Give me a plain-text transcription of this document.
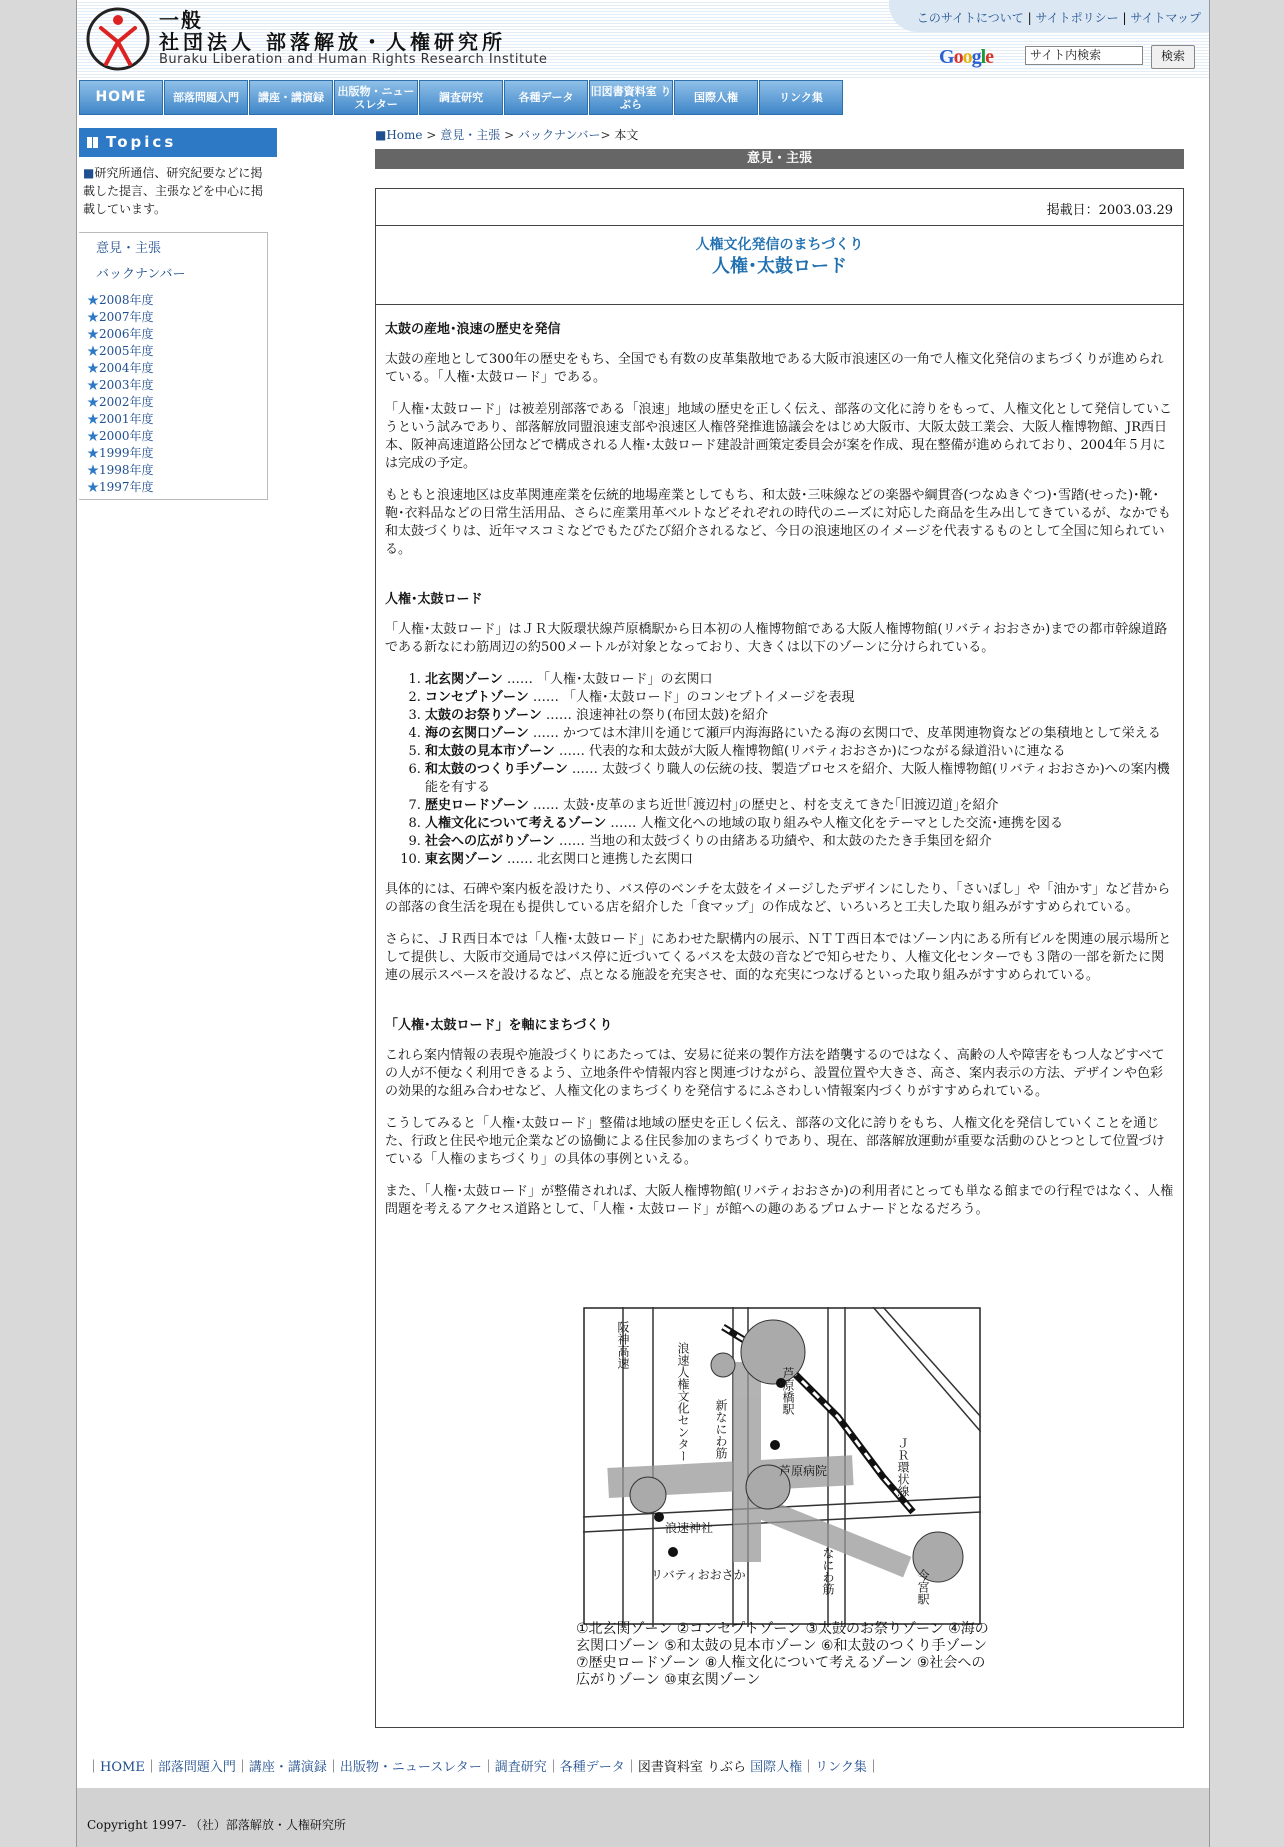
一般
社団法人 部落解放・人権研究所
Buraku Liberation and Human Rights Research Institute
このサイトについて | サイトポリシー | サイトマップ
Google	サイト内検索	検索
HOME	部落問題入門	講座・講演録	出版物・ニュースレター	調査研究	各種データ	旧図書資料室 りぶら	国際人権	リンク集
Topics
■研究所通信、研究紀要などに掲載した提言、主張などを中心に掲載しています。
意見・主張
バックナンバー
★2008年度
★2007年度
★2006年度
★2005年度
★2004年度
★2003年度
★2002年度
★2001年度
★2000年度
★1999年度
★1998年度
★1997年度
■Home > 意見・主張 > バックナンバー> 本文
意見・主張
掲載日：2003.03.29
人権文化発信のまちづくり
人権･太鼓ロード
太鼓の産地･浪速の歴史を発信

太鼓の産地として300年の歴史をもち、全国でも有数の皮革集散地である大阪市浪速区の一角で人権文化発信のまちづくりが進められている。「人権･太鼓ロード」である。

「人権･太鼓ロード」は被差別部落である「浪速」地域の歴史を正しく伝え、部落の文化に誇りをもって、人権文化として発信していこうという試みであり、部落解放同盟浪速支部や浪速区人権啓発推進協議会をはじめ大阪市、大阪太鼓工業会、大阪人権博物館、JR西日本、阪神高速道路公団などで構成される人権･太鼓ロード建設計画策定委員会が案を作成、現在整備が進められており、2004年５月には完成の予定。

もともと浪速地区は皮革関連産業を伝統的地場産業としてもち、和太鼓･三味線などの楽器や綱貫沓(つなぬきぐつ)･雪踏(せった)･靴･鞄･衣料品などの日常生活用品、さらに産業用革ベルトなどそれぞれの時代のニーズに対応した商品を生み出してきているが、なかでも和太鼓づくりは、近年マスコミなどでもたびたび紹介されるなど、今日の浪速地区のイメージを代表するものとして全国に知られている。

人権･太鼓ロード

「人権･太鼓ロード」はＪＲ大阪環状線芦原橋駅から日本初の人権博物館である大阪人権博物館(リバティおおさか)までの都市幹線道路である新なにわ筋周辺の約500メートルが対象となっており、大きくは以下のゾーンに分けられている。

1. 北玄関ゾーン …… 「人権･太鼓ロード」の玄関口
2. コンセプトゾーン …… 「人権･太鼓ロード」のコンセプトイメージを表現
3. 太鼓のお祭りゾーン …… 浪速神社の祭り(布団太鼓)を紹介
4. 海の玄関口ゾーン …… かつては木津川を通じて瀬戸内海海路にいたる海の玄関口で、皮革関連物資などの集積地として栄える
5. 和太鼓の見本市ゾーン …… 代表的な和太鼓が大阪人権博物館(リバティおおさか)につながる緑道沿いに連なる
6. 和太鼓のつくり手ゾーン …… 太鼓づくり職人の伝統の技、製造プロセスを紹介、大阪人権博物館(リバティおおさか)への案内機能を有する
7. 歴史ロードゾーン …… 太鼓･皮革のまち近世｢渡辺村｣の歴史と、村を支えてきた｢旧渡辺道｣を紹介
8. 人権文化について考えるゾーン …… 人権文化への地域の取り組みや人権文化をテーマとした交流･連携を図る
9. 社会への広がりゾーン …… 当地の和太鼓づくりの由緒ある功績や、和太鼓のたたき手集団を紹介
10. 東玄関ゾーン …… 北玄関口と連携した玄関口

具体的には、石碑や案内板を設けたり、バス停のベンチを太鼓をイメージしたデザインにしたり、「さいぼし」や「油かす」など昔からの部落の食生活を現在も提供している店を紹介した「食マップ」の作成など、いろいろと工夫した取り組みがすすめられている。

さらに、ＪＲ西日本では「人権･太鼓ロード」にあわせた駅構内の展示、ＮＴＴ西日本ではゾーン内にある所有ビルを関連の展示場所として提供し、大阪市交通局ではバス停に近づいてくるバスを太鼓の音などで知らせたり、人権文化センターでも３階の一部を新たに関連の展示スペースを設けるなど、点となる施設を充実させ、面的な充実につなげるといった取り組みがすすめられている。

「人権･太鼓ロード」を軸にまちづくり

これら案内情報の表現や施設づくりにあたっては、安易に従来の製作方法を踏襲するのではなく、高齢の人や障害をもつ人などすべての人が不便なく利用できるよう、立地条件や情報内容と関連づけながら、設置位置や大きさ、高さ、案内表示の方法、デザインや色彩の効果的な組み合わせなど、人権文化のまちづくりを発信するにふさわしい情報案内づくりがすすめられている。

こうしてみると「人権･太鼓ロード」整備は地域の歴史を正しく伝え、部落の文化に誇りをもち、人権文化を発信していくことを通じた、行政と住民や地元企業などの協働による住民参加のまちづくりであり、現在、部落解放運動が重要な活動のひとつとして位置づけている「人権のまちづくり」の具体の事例といえる。

また、「人権･太鼓ロード」が整備されれば、大阪人権博物館(リバティおおさか)の利用者にとっても単なる館までの行程ではなく、人権問題を考えるアクセス道路として、「人権・太鼓ロード」が館への趣のあるプロムナードとなるだろう。

阪神高速	浪速人権文化センター 新なにわ筋
芦原橋駅
ＪＲ環状線
芦原病院
浪速神社
リバティおおさか	なにわ筋	今宮駅
①北玄関ゾーン ②コンセプトゾーン ③太鼓のお祭りゾーン ④海の玄関口ゾーン ⑤和太鼓の見本市ゾーン ⑥和太鼓のつくり手ゾーン ⑦歴史ロードゾーン ⑧人権文化について考えるゾーン ⑨社会への広がりゾーン ⑩東玄関ゾーン
｜HOME｜部落問題入門｜講座・講演録｜出版物・ニュースレター｜調査研究｜各種データ｜図書資料室 りぶら 国際人権｜リンク集｜
Copyright 1997- （社）部落解放・人権研究所
